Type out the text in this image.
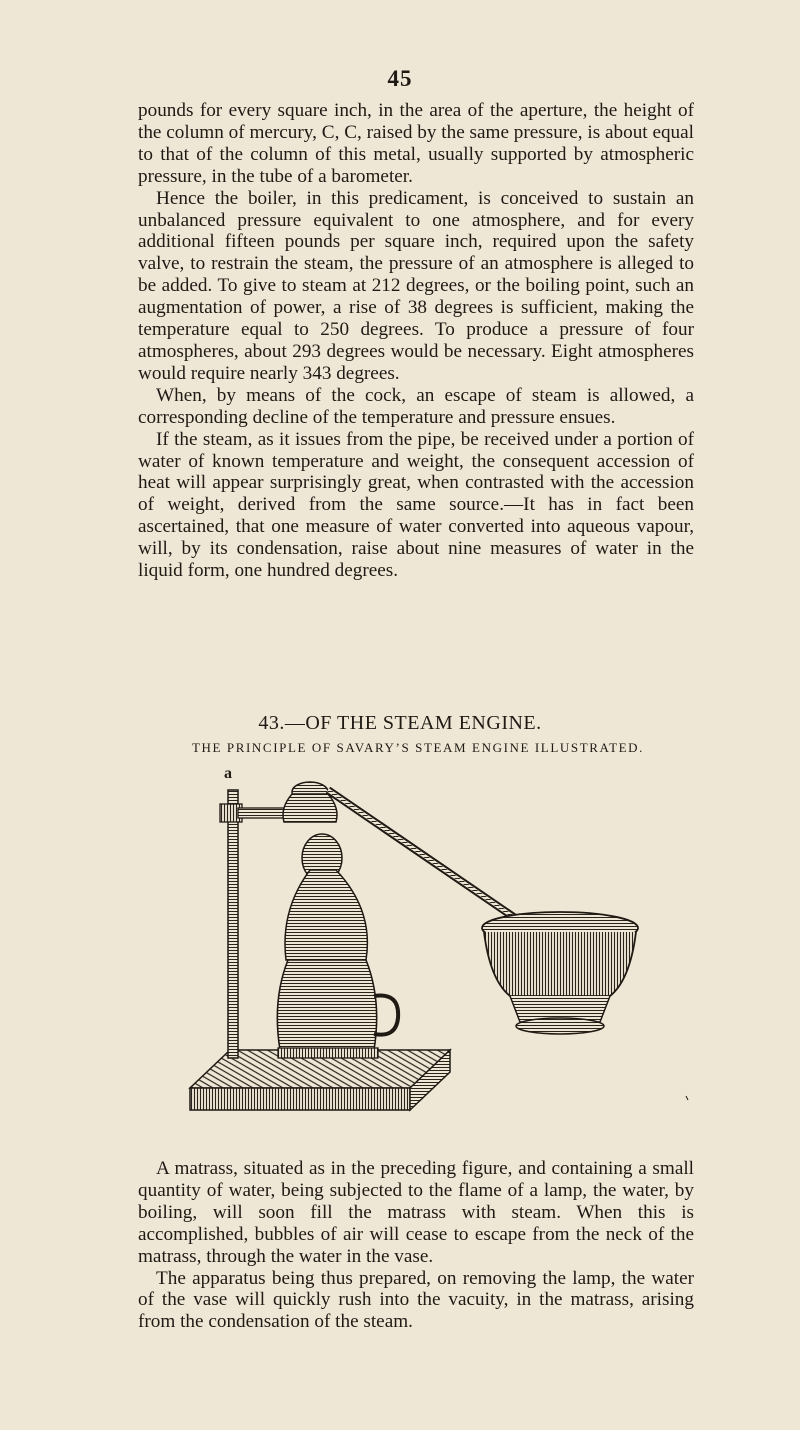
45

pounds for every square inch, in the area of the aperture, the height of the column of mercury, C, C, raised by the same pressure, is about equal to that of the column of this metal, usually supported by atmospheric pressure, in the tube of a barometer.

Hence the boiler, in this predicament, is conceived to sustain an unbalanced pressure equivalent to one atmosphere, and for every additional fifteen pounds per square inch, required upon the safety valve, to restrain the steam, the pressure of an atmosphere is alleged to be added. To give to steam at 212 degrees, or the boiling point, such an augmentation of power, a rise of 38 degrees is sufficient, making the temperature equal to 250 degrees. To produce a pressure of four atmospheres, about 293 degrees would be necessary. Eight atmospheres would require nearly 343 degrees.

When, by means of the cock, an escape of steam is allowed, a corresponding decline of the temperature and pressure ensues.

If the steam, as it issues from the pipe, be received under a portion of water of known temperature and weight, the consequent accession of heat will appear surprisingly great, when contrasted with the accession of weight, derived from the same source.—It has in fact been ascertained, that one measure of water converted into aqueous vapour, will, by its condensation, raise about nine measures of water in the liquid form, one hundred degrees.

43.—OF THE STEAM ENGINE.
THE PRINCIPLE OF SAVARY’S STEAM ENGINE ILLUSTRATED.
a

A matrass, situated as in the preceding figure, and containing a small quantity of water, being subjected to the flame of a lamp, the water, by boiling, will soon fill the matrass with steam. When this is accomplished, bubbles of air will cease to escape from the neck of the matrass, through the water in the vase.

The apparatus being thus prepared, on removing the lamp, the water of the vase will quickly rush into the vacuity, in the matrass, arising from the condensation of the steam.
